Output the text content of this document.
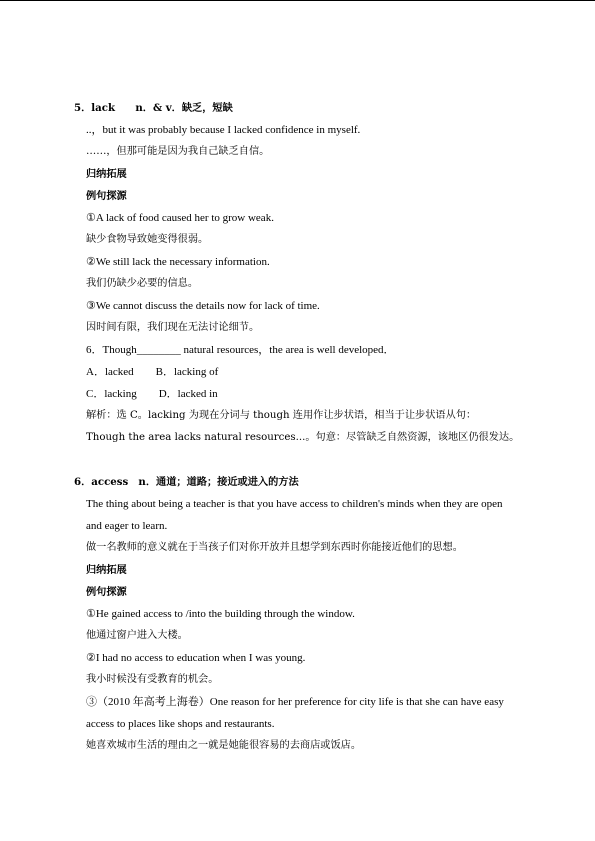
5．lack　　n．& v．缺乏，短缺
..，but it was probably because I lacked confidence in myself.
……，但那可能是因为我自己缺乏自信。
归纳拓展
例句探源
①A lack of food caused her to grow weak.
缺少食物导致她变得很弱。
②We still lack the necessary information.
我们仍缺少必要的信息。
③We cannot discuss the details now for lack of time.
因时间有限，我们现在无法讨论细节。
6．Though________ natural resources，the area is well developed．
A．lacked　　B．lacking of
C．lacking　　D．lacked in
解析：选 C。lacking 为现在分词与 though 连用作让步状语，相当于让步状语从句：
Though the area lacks natural resources...。句意：尽管缺乏自然资源，该地区仍很发达。
6．access　n．通道；道路；接近或进入的方法
The thing about being a teacher is that you have access to children's minds when they are open
and eager to learn.
做一名教师的意义就在于当孩子们对你开放并且想学到东西时你能接近他们的思想。
归纳拓展
例句探源
①He gained access to /into the building through the window.
他通过窗户进入大楼。
②I had no access to education when I was young.
我小时候没有受教育的机会。
③（2010 年高考上海卷）One reason for her preference for city life is that she can have easy
access to places like shops and restaurants.
她喜欢城市生活的理由之一就是她能很容易的去商店或饭店。
